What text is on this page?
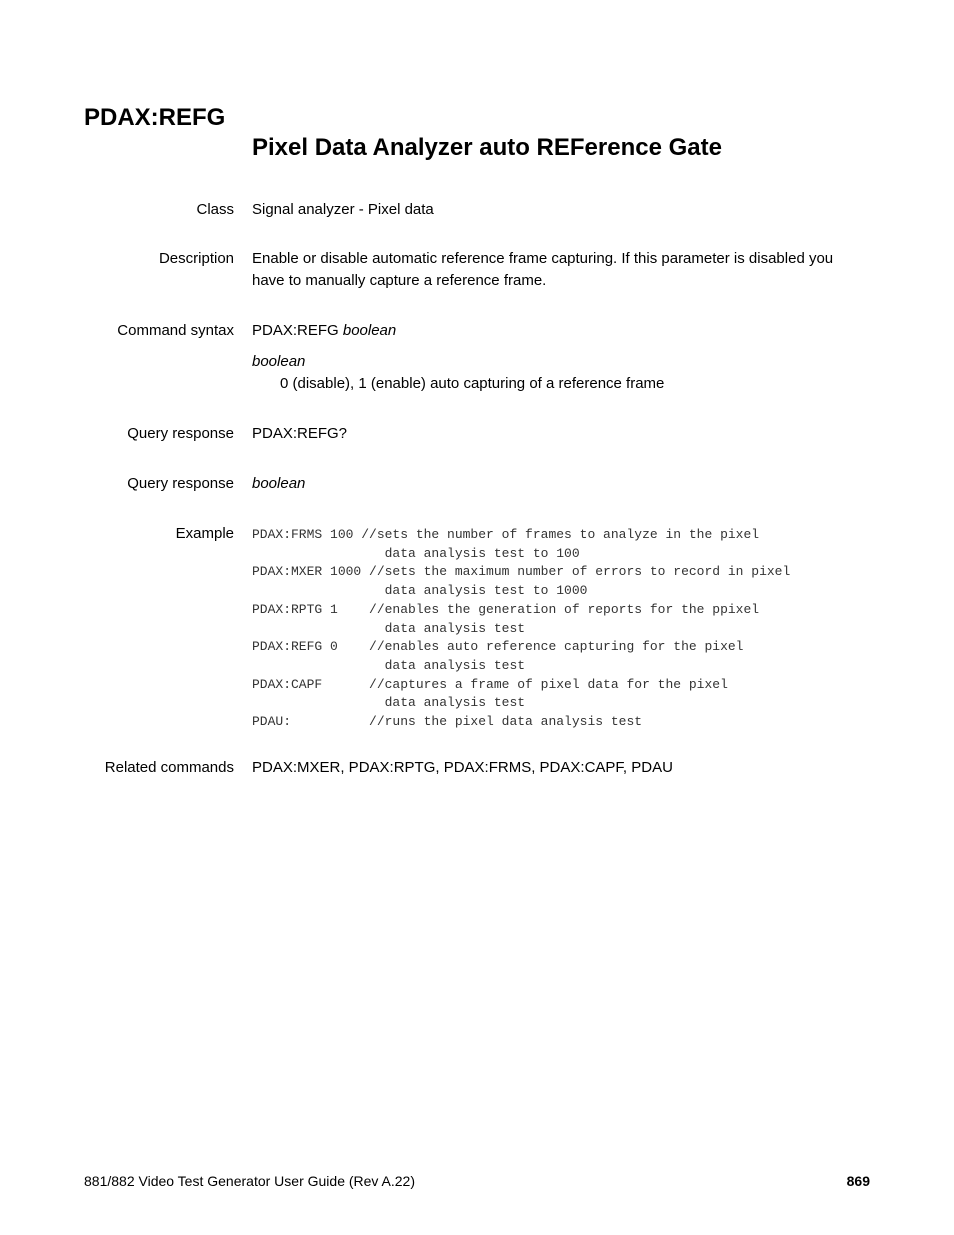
PDAX:REFG
Pixel Data Analyzer auto REFerence Gate
Class Signal analyzer - Pixel data
Description Enable or disable automatic reference frame capturing. If this parameter is disabled you have to manually capture a reference frame.
Command syntax PDAX:REFG boolean
boolean
0 (disable), 1 (enable) auto capturing of a reference frame
Query response PDAX:REFG?
Query response boolean
Example PDAX:FRMS 100 //sets the number of frames to analyze in the pixel
data analysis test to 100
PDAX:MXER 1000 //sets the maximum number of errors to record in pixel
data analysis test to 1000
PDAX:RPTG 1    //enables the generation of reports for the ppixel
data analysis test
PDAX:REFG 0    //enables auto reference capturing for the pixel
data analysis test
PDAX:CAPF      //captures a frame of pixel data for the pixel
data analysis test
PDAU:          //runs the pixel data analysis test
Related commands PDAX:MXER, PDAX:RPTG, PDAX:FRMS, PDAX:CAPF, PDAU
881/882 Video Test Generator User Guide (Rev A.22)	869
